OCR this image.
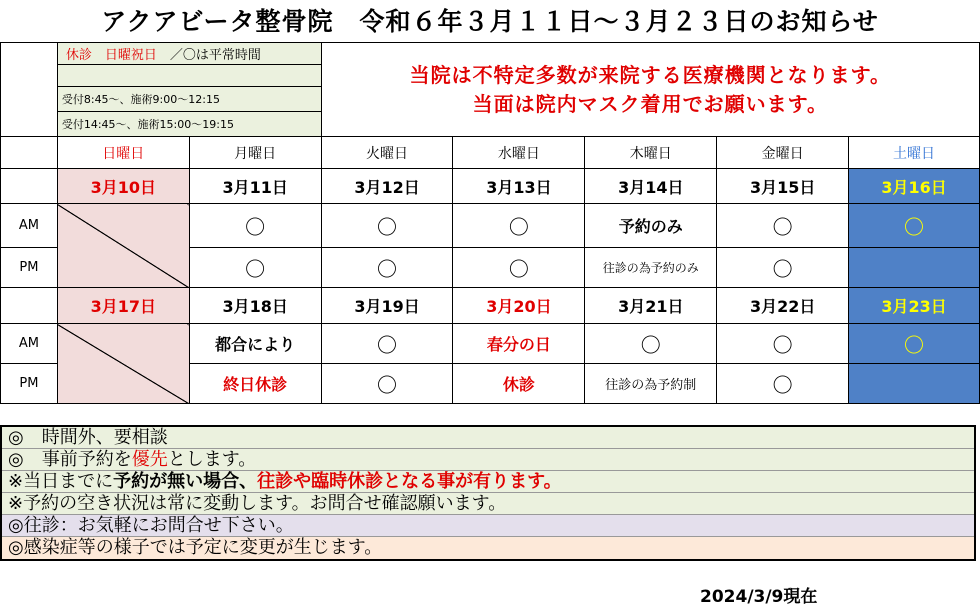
アクアビータ整骨院　令和６年３月１１日～３月２３日のお知らせ
	休診　日曜祝日　 ／〇は平常時間		当院は不特定多数が来院する医療機関となります。
当面は院内マスク着用でお願います。				

	受付8:45～、施術9:00～12:15						
	受付14:45～、施術15:00～19:15						
	日曜日	月曜日	火曜日	水曜日	木曜日	金曜日	土曜日
	3月10日	3月11日	3月12日	3月13日	3月14日	3月15日	3月16日
AM		〇	〇	〇	予約のみ	〇	〇
PM		〇	〇	〇	往診の為予約のみ	〇	
	3月17日	3月18日	3月19日	3月20日	3月21日	3月22日	3月23日
AM		都合により	〇	春分の日	〇	〇	〇
PM		終日休診	〇	休診	往診の為予約制	〇	
◎　時間外、要相談
◎　事前予約を優先とします。
※当日までに予約が無い場合、往診や臨時休診となる事が有ります。
※予約の空き状況は常に変動します。お問合せ確認願います。
◎往診：お気軽にお問合せ下さい。
◎感染症等の様子では予定に変更が生じます。
2024/3/9現在
